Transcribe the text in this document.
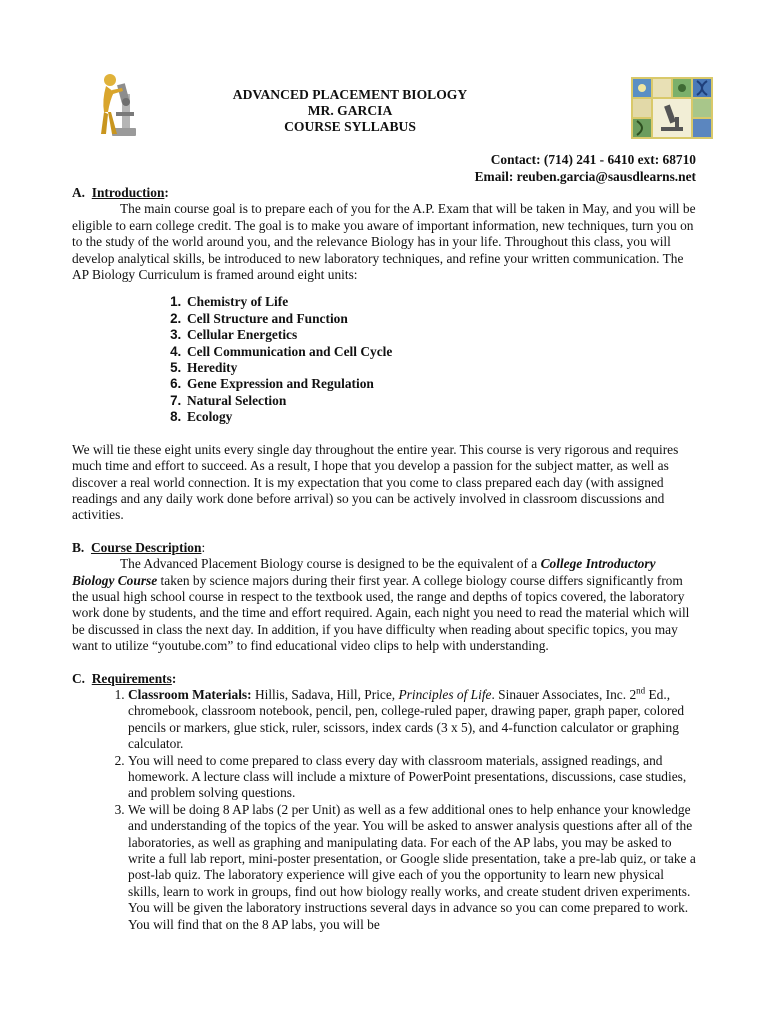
ADVANCED PLACEMENT BIOLOGY
MR. GARCIA
COURSE SYLLABUS
Contact: (714) 241 - 6410 ext: 68710
Email: reuben.garcia@sausdlearns.net
A. Introduction:

The main course goal is to prepare each of you for the A.P. Exam that will be taken in May, and you will be eligible to earn college credit. The goal is to make you aware of important information, new techniques, turn you on to the study of the world around you, and the relevance Biology has in your life. Throughout this class, you will develop analytical skills, be introduced to new laboratory techniques, and refine your written communication. The AP Biology Curriculum is framed around eight units:

1. Chemistry of Life
2. Cell Structure and Function
3. Cellular Energetics
4. Cell Communication and Cell Cycle
5. Heredity
6. Gene Expression and Regulation
7. Natural Selection
8. Ecology

We will tie these eight units every single day throughout the entire year. This course is very rigorous and requires much time and effort to succeed. As a result, I hope that you develop a passion for the subject matter, as well as discover a real world connection. It is my expectation that you come to class prepared each day (with assigned readings and any daily work done before arrival) so you can be actively involved in classroom discussions and activities.

B. Course Description:

The Advanced Placement Biology course is designed to be the equivalent of a College Introductory Biology Course taken by science majors during their first year. A college biology course differs significantly from the usual high school course in respect to the textbook used, the range and depths of topics covered, the laboratory work done by students, and the time and effort required. Again, each night you need to read the material which will be discussed in class the next day. In addition, if you have difficulty when reading about specific topics, you may want to utilize “youtube.com” to find educational video clips to help with understanding.

C. Requirements:
1. Classroom Materials: Hillis, Sadava, Hill, Price, Principles of Life. Sinauer Associates, Inc. 2nd Ed., chromebook, classroom notebook, pencil, pen, college-ruled paper, drawing paper, graph paper, colored pencils or markers, glue stick, ruler, scissors, index cards (3 x 5), and 4-function calculator or graphing calculator.
2. You will need to come prepared to class every day with classroom materials, assigned readings, and homework. A lecture class will include a mixture of PowerPoint presentations, discussions, case studies, and problem solving questions.
3. We will be doing 8 AP labs (2 per Unit) as well as a few additional ones to help enhance your knowledge and understanding of the topics of the year. You will be asked to answer analysis questions after all of the laboratories, as well as graphing and manipulating data. For each of the AP labs, you may be asked to write a full lab report, mini-poster presentation, or Google slide presentation, take a pre-lab quiz, or take a post-lab quiz. The laboratory experience will give each of you the opportunity to learn new physical skills, learn to work in groups, find out how biology really works, and create student driven experiments. You will be given the laboratory instructions several days in advance so you can come prepared to work. You will find that on the 8 AP labs, you will be
